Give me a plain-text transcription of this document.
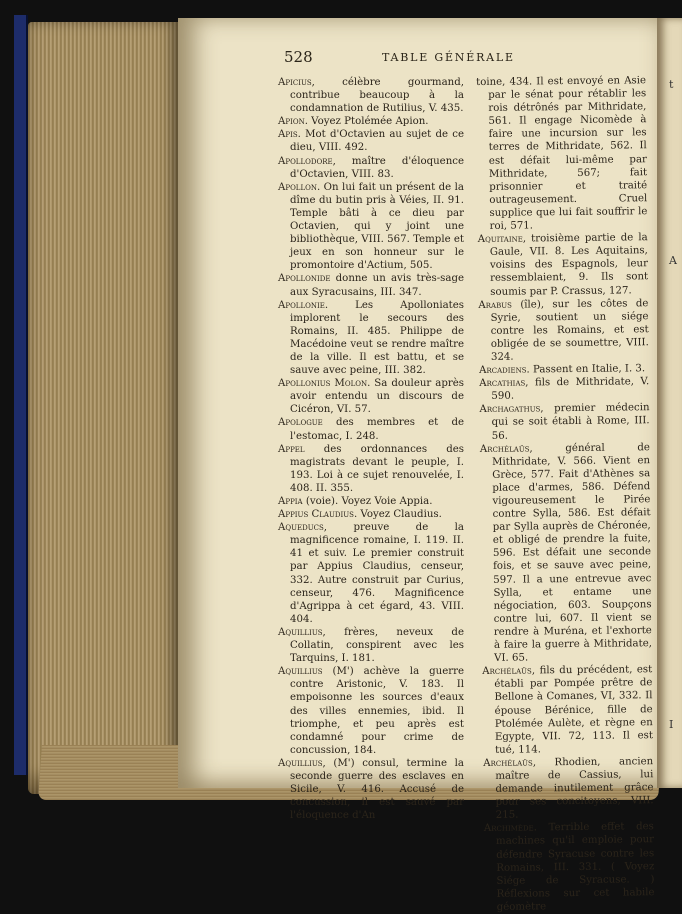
528	TABLE GÉNÉRALE

Apicius, célèbre gourmand, contribue beaucoup à la condamnation de Rutilius, V. 435.

Apion. Voyez Ptolémée Apion.

Apis. Mot d'Octavien au sujet de ce dieu, VIII. 492.

Apollodore, maître d'éloquence d'Octavien, VIII. 83.

Apollon. On lui fait un présent de la dîme du butin pris à Véies, II. 91. Temple bâti à ce dieu par Octavien, qui y joint une bibliothèque, VIII. 567. Temple et jeux en son honneur sur le promontoire d'Actium, 505.

Apollonide donne un avis très-sage aux Syracusains, III. 347.

Apollonie. Les Apolloniates implorent le secours des Romains, II. 485. Philippe de Macédoine veut se rendre maître de la ville. Il est battu, et se sauve avec peine, III. 382.

Apollonius Molon. Sa douleur après avoir entendu un discours de Cicéron, VI. 57.

Apologue des membres et de l'estomac, I. 248.

Appel des ordonnances des magistrats devant le peuple, I. 193. Loi à ce sujet renouvelée, I. 408. II. 355.

Appia (voie). Voyez Voie Appia.

Appius Claudius. Voyez Claudius.

Aqueducs, preuve de la magnificence romaine, I. 119. II. 41 et suiv. Le premier construit par Appius Claudius, censeur, 332. Autre construit par Curius, censeur, 476. Magnificence d'Agrippa à cet égard, 43. VIII. 404.

Aquillius, frères, neveux de Collatin, conspirent avec les Tarquins, I. 181.

Aquillius (M') achève la guerre contre Aristonic, V. 183. Il empoisonne les sources d'eaux des villes ennemies, ibid. Il triomphe, et peu après est condamné pour crime de concussion, 184.

Aquillius, (M') consul, termine la seconde guerre des esclaves en Sicile, V. 416. Accusé de concussion, il est sauvé par l'éloquence d'An

toine, 434. Il est envoyé en Asie par le sénat pour rétablir les rois détrônés par Mithridate, 561. Il engage Nicomède à faire une incursion sur les terres de Mithridate, 562. Il est défait lui-même par Mithridate, 567; fait prisonnier et traité outrageusement. Cruel supplice que lui fait souffrir le roi, 571.

Aquitaine, troisième partie de la Gaule, VII. 8. Les Aquitains, voisins des Espagnols, leur ressemblaient, 9. Ils sont soumis par P. Crassus, 127.

Arabus (île), sur les côtes de Syrie, soutient un siége contre les Romains, et est obligée de se soumettre, VIII. 324.

Arcadiens. Passent en Italie, I. 3.

Arcathias, fils de Mithridate, V. 590.

Archagathus, premier médecin qui se soit établi à Rome, III. 56.

Archélaüs, général de Mithridate, V. 566. Vient en Grèce, 577. Fait d'Athènes sa place d'armes, 586. Défend vigoureusement le Pirée contre Sylla, 586. Est défait par Sylla auprès de Chéronée, et obligé de prendre la fuite, 596. Est défait une seconde fois, et se sauve avec peine, 597. Il a une entrevue avec Sylla, et entame une négociation, 603. Soupçons contre lui, 607. Il vient se rendre à Muréna, et l'exhorte à faire la guerre à Mithridate, VI. 65.

Archélaüs, fils du précédent, est établi par Pompée prêtre de Bellone à Comanes, VI, 332. Il épouse Bérénice, fille de Ptolémée Aulète, et règne en Egypte, VII. 72, 113. Il est tué, 114.

Archélaüs, Rhodien, ancien maître de Cassius, lui demande inutilement grâce pour ses concitoyens, VIII. 215.

Archimède. Terrible effet des machines qu'il emploie pour défendre Syracuse contre les Romains, III. 331. ( Voyez Siége de Syracuse. ) Réflexions sur cet habile géomètre

t
A
I
